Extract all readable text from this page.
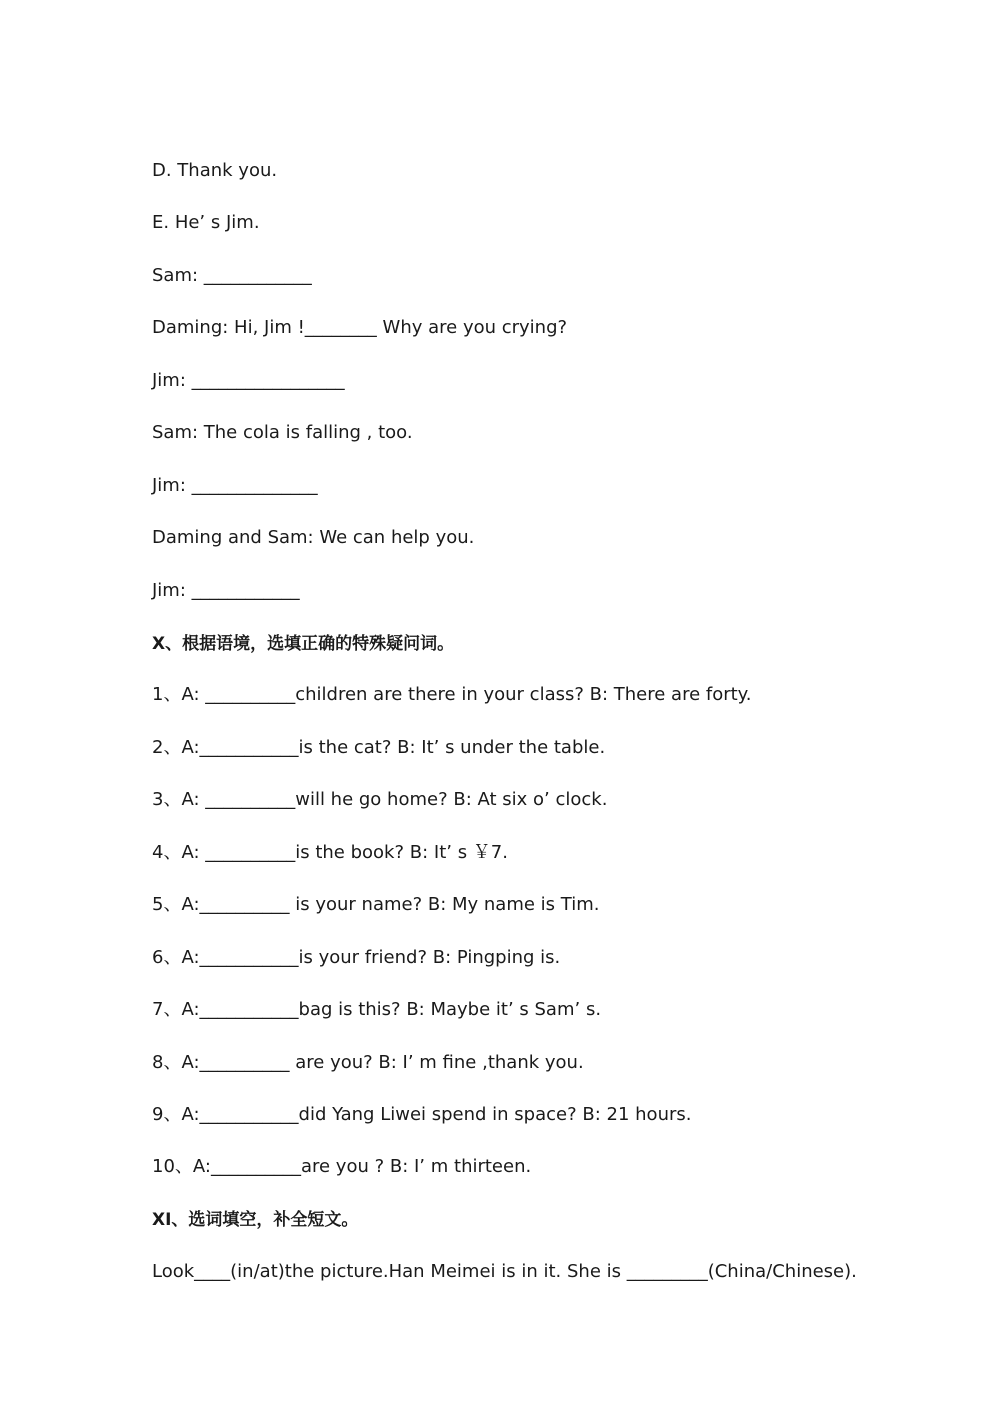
D. Thank you.
E. He’ s Jim.
Sam: ____________
Daming: Hi, Jim !________ Why are you crying?
Jim: _________________
Sam: The cola is falling , too.
Jim: ______________
Daming and Sam: We can help you.
Jim: ____________
X、根据语境，选填正确的特殊疑问词。
1、A: __________children are there in your class? B: There are forty.
2、A:___________is the cat? B: It’ s under the table.
3、A: __________will he go home? B: At six o’ clock.
4、A: __________is the book? B: It’ s ￥7.
5、A:__________ is your name? B: My name is Tim.
6、A:___________is your friend? B: Pingping is.
7、A:___________bag is this? B: Maybe it’ s Sam’ s.
8、A:__________ are you? B: I’ m fine ,thank you.
9、A:___________did Yang Liwei spend in space? B: 21 hours.
10、A:__________are you ? B: I’ m thirteen.
XI、选词填空，补全短文。
Look____(in/at)the picture.Han Meimei is in it. She is _________(China/Chinese).
